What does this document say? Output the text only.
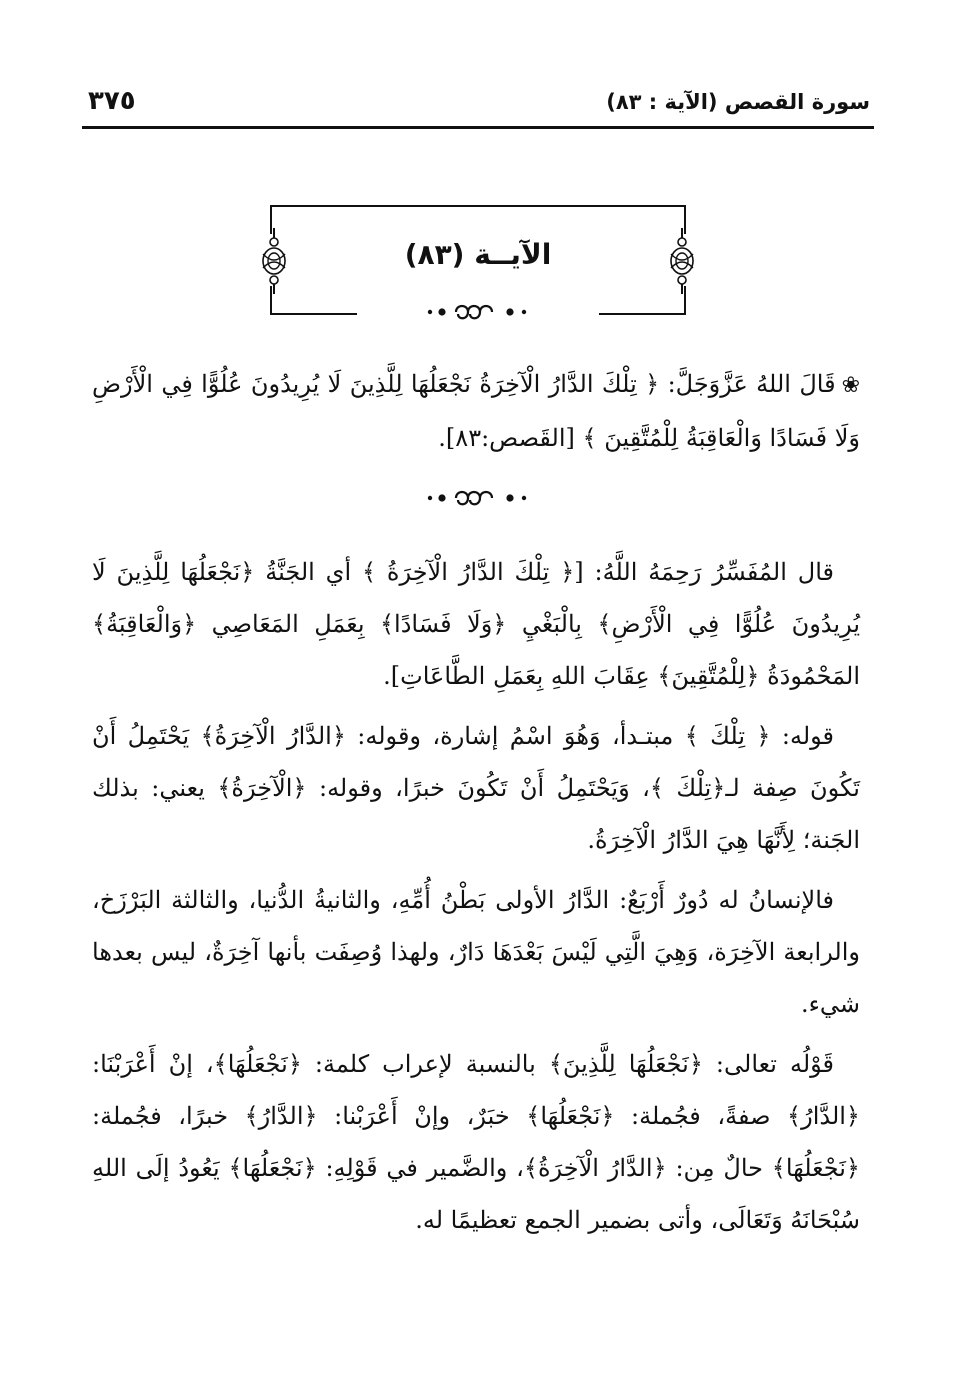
سورة القصص (الآية : ٨٣)
٣٧٥
الآيــة (٨٣)

❀قَالَ اللهُ عَزَّوَجَلَّ: ﴿ تِلْكَ الدَّارُ الْآخِرَةُ نَجْعَلُهَا لِلَّذِينَ لَا يُرِيدُونَ عُلُوًّا فِي الْأَرْضِ وَلَا فَسَادًا وَالْعَاقِبَةُ لِلْمُتَّقِينَ ﴾ [القَصص:٨٣].

قال المُفَسِّرُ رَحِمَهُ اللَّهُ: [﴿ تِلْكَ الدَّارُ الْآخِرَةُ ﴾ أي الجَنَّةُ ﴿نَجْعَلُهَا لِلَّذِينَ لَا يُرِيدُونَ عُلُوًّا فِي الْأَرْضِ﴾ بِالْبَغْيِ ﴿وَلَا فَسَادًا﴾ بِعَمَلِ المَعَاصِي ﴿وَالْعَاقِبَةُ﴾ المَحْمُودَةُ ﴿لِلْمُتَّقِينَ﴾ عِقَابَ اللهِ بِعَمَلِ الطَّاعَاتِ].

قوله: ﴿ تِلْكَ ﴾ مبتـدأ، وَهُوَ اسْمُ إشارة، وقوله: ﴿الدَّارُ الْآخِرَةُ﴾ يَحْتَمِلُ أَنْ تَكُونَ صِفة لـ﴿تِلْكَ ﴾، وَيَحْتَمِلُ أَنْ تَكُونَ خبرًا، وقوله: ﴿الْآخِرَةُ﴾ يعني: بذلك الجَنة؛ لِأَنَّهَا هِيَ الدَّارُ الْآخِرَةُ.

فالإنسانُ له دُورٌ أَرْبَعٌ: الدَّارُ الأولى بَطْنُ أُمِّهِ، والثانيةُ الدُّنيا، والثالثة البَرْزَخ، والرابعة الآخِرَة، وَهِيَ الَّتِي لَيْسَ بَعْدَهَا دَارٌ، ولهذا وُصِفَت بأنها آخِرَةٌ، ليس بعدها شيء.

قَوْلُه تعالى: ﴿نَجْعَلُهَا لِلَّذِينَ﴾ بالنسبة لإعراب كلمة: ﴿نَجْعَلُهَا﴾، إنْ أَعْرَبْنَا: ﴿الدَّارُ﴾ صفةً، فجُملة: ﴿نَجْعَلُهَا﴾ خبَرٌ، وإنْ أَعْرَبْنا: ﴿الدَّارُ﴾ خبرًا، فجُملة: ﴿نَجْعَلُهَا﴾ حالٌ مِن: ﴿الدَّارُ الْآخِرَةُ﴾، والضَّمير في قَوْلِهِ: ﴿نَجْعَلُهَا﴾ يَعُودُ إلَى اللهِ سُبْحَانَهُ وَتَعَالَى، وأتى بضمير الجمع تعظيمًا له.
